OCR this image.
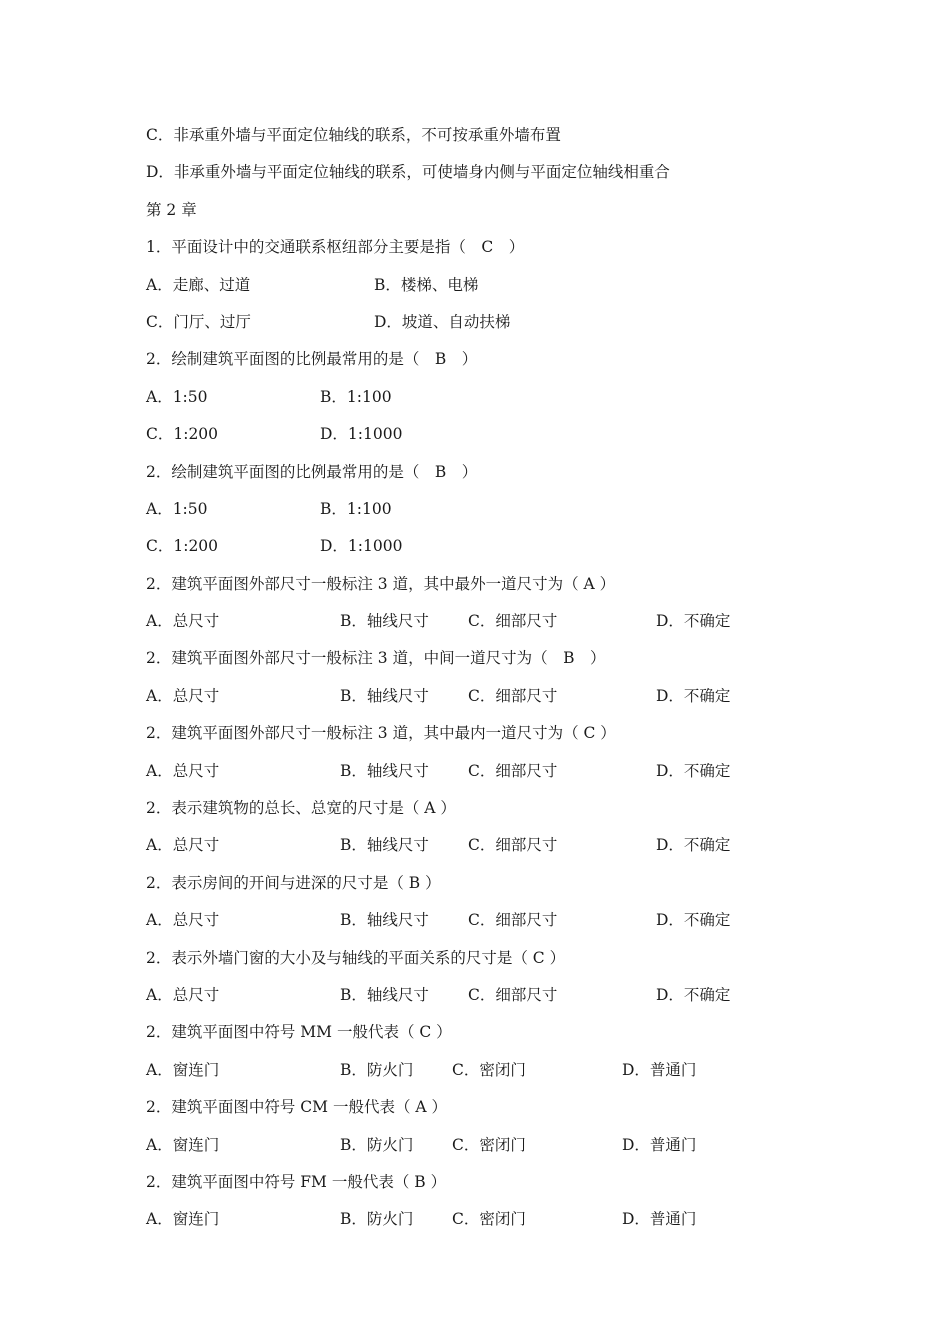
C．非承重外墙与平面定位轴线的联系，不可按承重外墙布置
D．非承重外墙与平面定位轴线的联系，可使墙身内侧与平面定位轴线相重合
第 2 章
1．平面设计中的交通联系枢纽部分主要是指（　C　）
A．走廊、过道	B．楼梯、电梯
C．门厅、过厅	D．坡道、自动扶梯
2．绘制建筑平面图的比例最常用的是（　B　）
A．1:50	B．1:100
C．1:200	D．1:1000
2．绘制建筑平面图的比例最常用的是（　B　）
A．1:50	B．1:100
C．1:200	D．1:1000
2．建筑平面图外部尺寸一般标注 3 道，其中最外一道尺寸为（ A ）
A．总尺寸	B．轴线尺寸	C．细部尺寸	D．不确定
2．建筑平面图外部尺寸一般标注 3 道，中间一道尺寸为（　B　）
A．总尺寸	B．轴线尺寸	C．细部尺寸	D．不确定
2．建筑平面图外部尺寸一般标注 3 道，其中最内一道尺寸为（ C ）
A．总尺寸	B．轴线尺寸	C．细部尺寸	D．不确定
2．表示建筑物的总长、总宽的尺寸是（ A ）
A．总尺寸	B．轴线尺寸	C．细部尺寸	D．不确定
2．表示房间的开间与进深的尺寸是（ B ）
A．总尺寸	B．轴线尺寸	C．细部尺寸	D．不确定
2．表示外墙门窗的大小及与轴线的平面关系的尺寸是（ C ）
A．总尺寸	B．轴线尺寸	C．细部尺寸	D．不确定
2．建筑平面图中符号 MM 一般代表（ C ）
A．窗连门	B．防火门 C．密闭门	D．普通门
2．建筑平面图中符号 CM 一般代表（ A ）
A．窗连门	B．防火门 C．密闭门	D．普通门
2．建筑平面图中符号 FM 一般代表（ B ）
A．窗连门	B．防火门 C．密闭门	D．普通门
